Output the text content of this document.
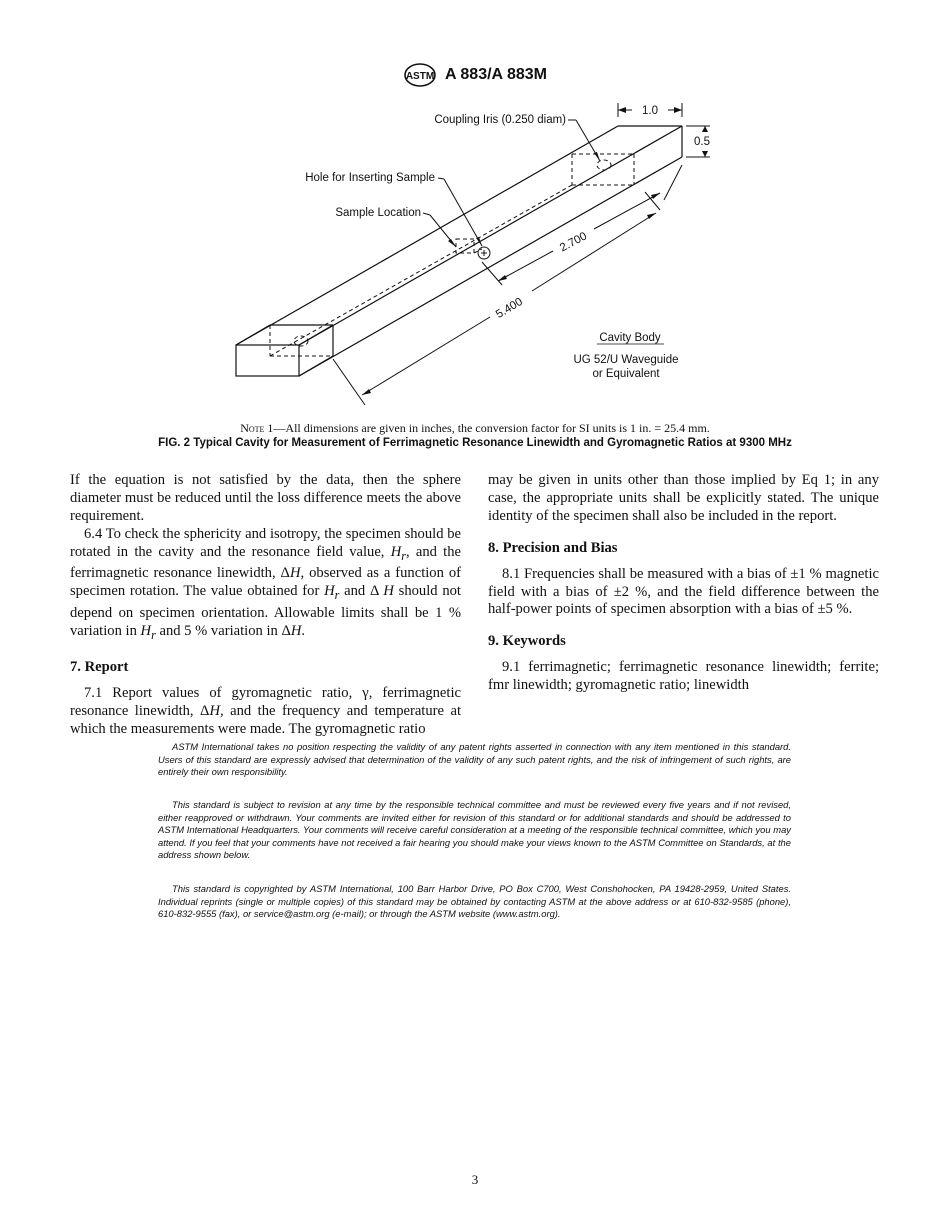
ASTM A 883/A 883M
Coupling Iris (0.250 diam)
Hole for Inserting Sample
Sample Location
1.0
0.5
2.700
5.400
Cavity Body
UG 52/U Waveguide
or Equivalent
Note 1—All dimensions are given in inches, the conversion factor for SI units is 1 in. = 25.4 mm.
FIG. 2 Typical Cavity for Measurement of Ferrimagnetic Resonance Linewidth and Gyromagnetic Ratios at 9300 MHz

If the equation is not satisfied by the data, then the sphere diameter must be reduced until the loss difference meets the above requirement.

6.4 To check the sphericity and isotropy, the specimen should be rotated in the cavity and the resonance field value, $H_r$, and the ferrimagnetic resonance linewidth, ΔH, observed as a function of specimen rotation. The value obtained for $H_r$ and Δ H should not depend on specimen orientation. Allowable limits shall be 1 % variation in $H_r$ and 5 % variation in ΔH.

7. Report

7.1 Report values of gyromagnetic ratio, γ, ferrimagnetic resonance linewidth, ΔH, and the frequency and temperature at which the measurements were made. The gyromagnetic ratio

may be given in units other than those implied by Eq 1; in any case, the appropriate units shall be explicitly stated. The unique identity of the specimen shall also be included in the report.

8. Precision and Bias

8.1 Frequencies shall be measured with a bias of ±1 % magnetic field with a bias of ±2 %, and the field difference between the half-power points of specimen absorption with a bias of ±5 %.

9. Keywords

9.1 ferrimagnetic; ferrimagnetic resonance linewidth; ferrite; fmr linewidth; gyromagnetic ratio; linewidth

ASTM International takes no position respecting the validity of any patent rights asserted in connection with any item mentioned in this standard. Users of this standard are expressly advised that determination of the validity of any such patent rights, and the risk of infringement of such rights, are entirely their own responsibility.

This standard is subject to revision at any time by the responsible technical committee and must be reviewed every five years and if not revised, either reapproved or withdrawn. Your comments are invited either for revision of this standard or for additional standards and should be addressed to ASTM International Headquarters. Your comments will receive careful consideration at a meeting of the responsible technical committee, which you may attend. If you feel that your comments have not received a fair hearing you should make your views known to the ASTM Committee on Standards, at the address shown below.

This standard is copyrighted by ASTM International, 100 Barr Harbor Drive, PO Box C700, West Conshohocken, PA 19428-2959, United States. Individual reprints (single or multiple copies) of this standard may be obtained by contacting ASTM at the above address or at 610-832-9585 (phone), 610-832-9555 (fax), or service@astm.org (e-mail); or through the ASTM website (www.astm.org).

3
